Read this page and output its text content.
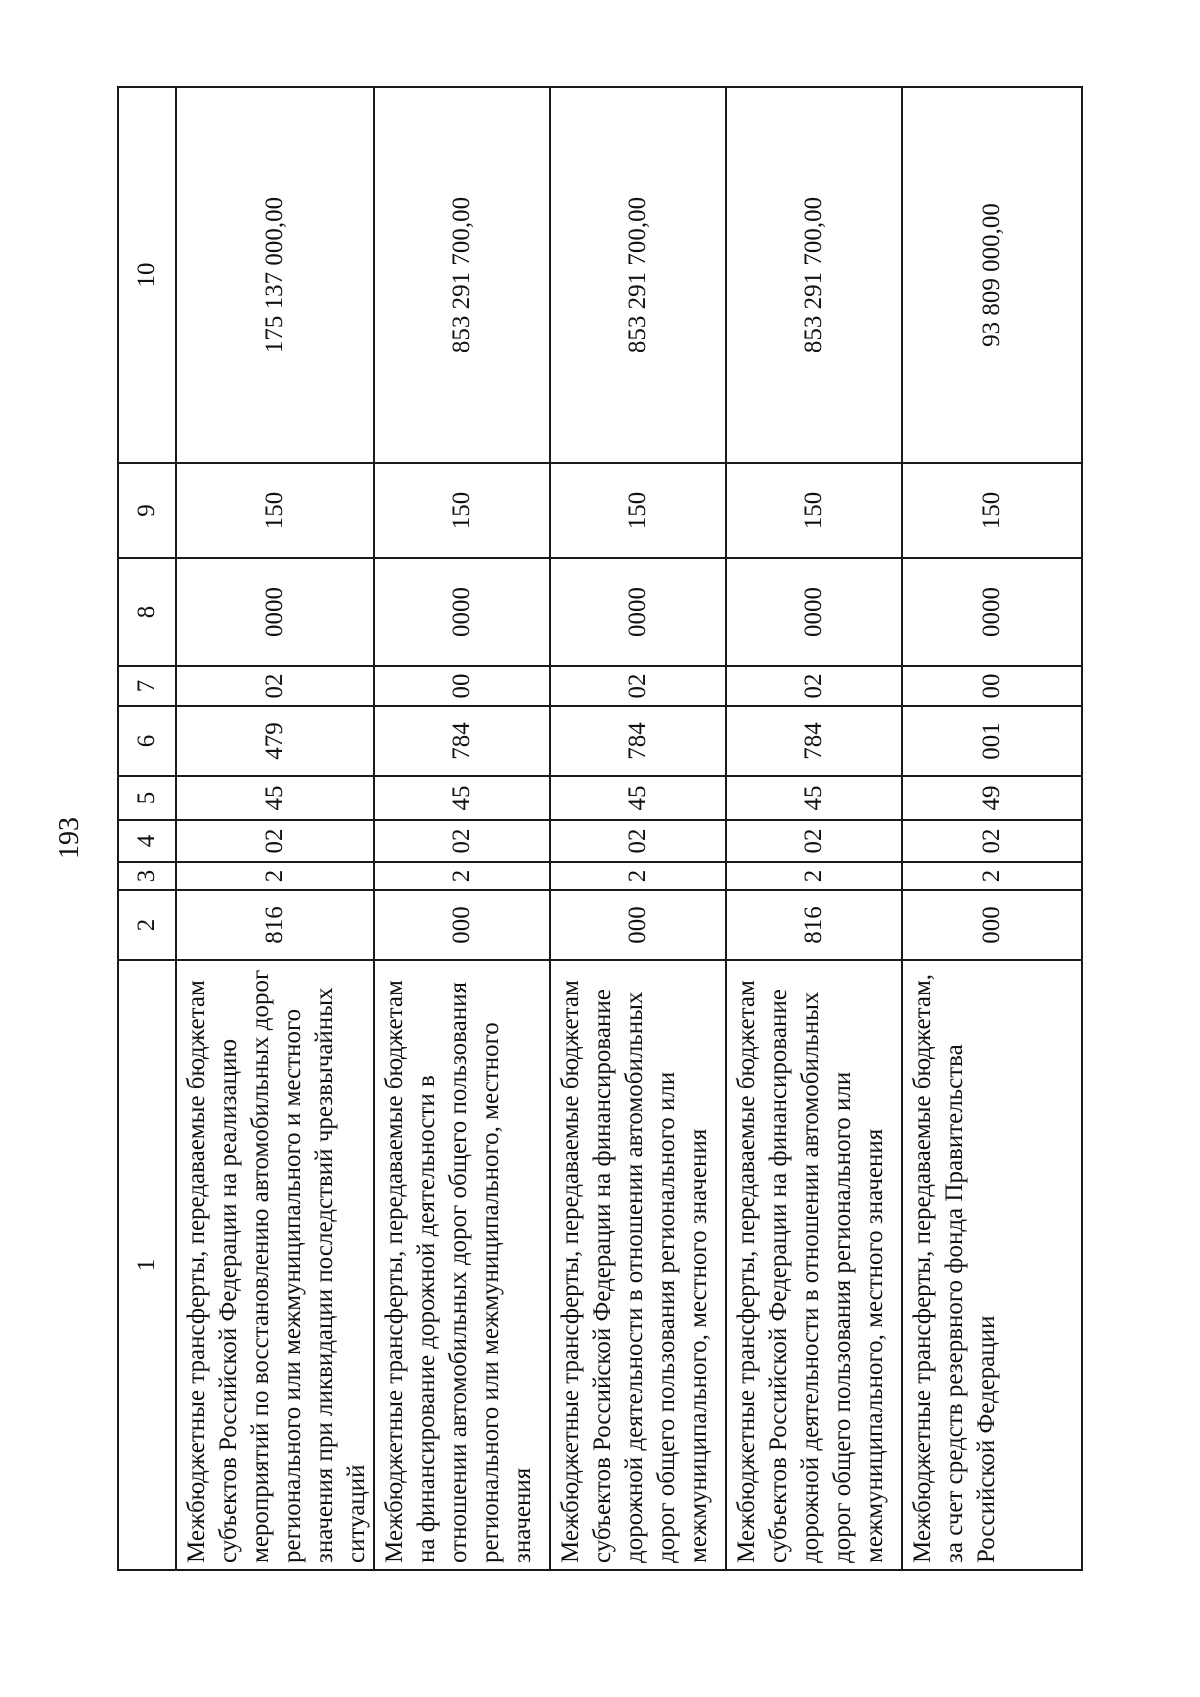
193
1	2	3	4	5	6	7	8	9	10
Межбюджетные трансферты, передаваемые бюджетам субъектов Российской Федерации на реализацию мероприятий по восстановлению автомобильных дорог регионального или межмуниципального и местного значения при ликвидации последствий чрезвычайных ситуаций	816	2	02	45	479	02	0000	150	175 137 000,00
Межбюджетные трансферты, передаваемые бюджетам на финансирование дорожной деятельности в отношении автомобильных дорог общего пользования регионального или межмуниципального, местного значения	000	2	02	45	784	00	0000	150	853 291 700,00
Межбюджетные трансферты, передаваемые бюджетам субъектов Российской Федерации на финансирование дорожной деятельности в отношении автомобильных дорог общего пользования регионального или межмуниципального, местного значения	000	2	02	45	784	02	0000	150	853 291 700,00
Межбюджетные трансферты, передаваемые бюджетам субъектов Российской Федерации на финансирование дорожной деятельности в отношении автомобильных дорог общего пользования регионального или межмуниципального, местного значения	816	2	02	45	784	02	0000	150	853 291 700,00
Межбюджетные трансферты, передаваемые бюджетам, за счет средств резервного фонда Правительства Российской Федерации	000	2	02	49	001	00	0000	150	93 809 000,00
